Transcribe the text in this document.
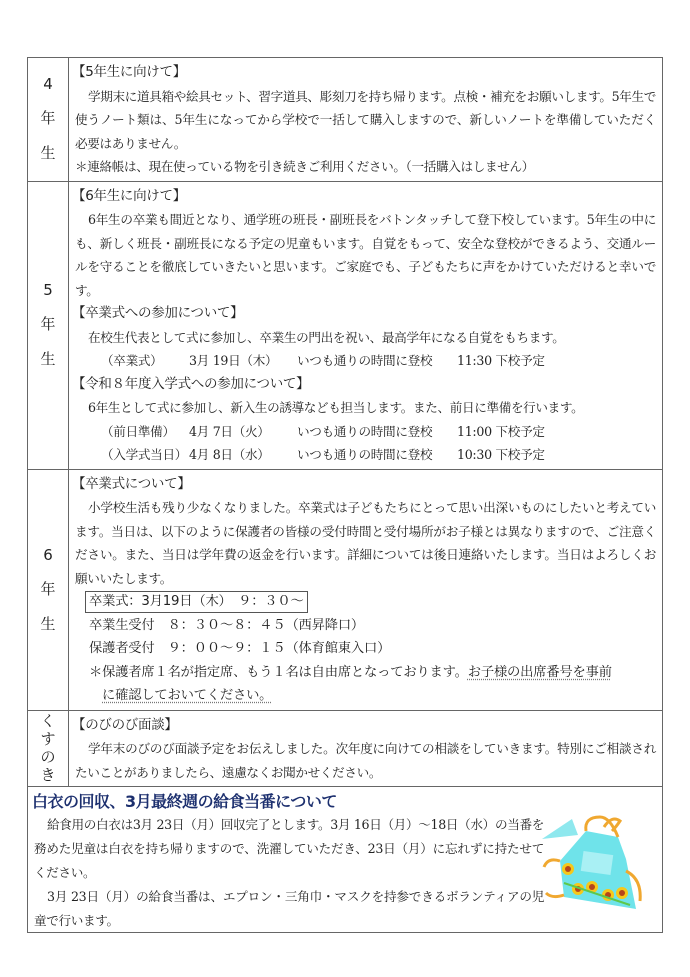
4
年
生

【5年生に向けて】
学期末に道具箱や絵具セット、習字道具、彫刻刀を持ち帰ります。点検・補充をお願いします。5年生で使うノート類は、5年生になってから学校で一括して購入しますので、新しいノートを準備していただく必要はありません。
＊連絡帳は、現在使っている物を引き続きご利用ください。（一括購入はしません）

5
年
生

【6年生に向けて】
6年生の卒業も間近となり、通学班の班長・副班長をバトンタッチして登下校しています。5年生の中にも、新しく班長・副班長になる予定の児童もいます。自覚をもって、安全な登校ができるよう、交通ルールを守ることを徹底していきたいと思います。ご家庭でも、子どもたちに声をかけていただけると幸いです。
【卒業式への参加について】
在校生代表として式に参加し、卒業生の門出を祝い、最高学年になる自覚をもちます。
（卒業式） 3月 19日（木） いつも通りの時間に登校 11:30 下校予定
【令和８年度入学式への参加について】
6年生として式に参加し、新入生の誘導なども担当します。また、前日に準備を行います。
（前日準備） 4月 7日（火） いつも通りの時間に登校 11:00 下校予定
（入学式当日） 4月 8日（水） いつも通りの時間に登校 10:30 下校予定

6
年
生

【卒業式について】
小学校生活も残り少なくなりました。卒業式は子どもたちにとって思い出深いものにしたいと考えています。当日は、以下のように保護者の皆様の受付時間と受付場所がお子様とは異なりますので、ご注意ください。また、当日は学年費の返金を行います。詳細については後日連絡いたします。当日はよろしくお願いいたします。
卒業式：3月19日（木）　９：３０～
卒業生受付　８：３０～８：４５（西昇降口）
保護者受付　９：００～９：１５（体育館東入口）
＊保護者席１名が指定席、もう１名は自由席となっております。お子様の出席番号を事前
に確認しておいてください。

く
す
の
き

【のびのび面談】
学年末のびのび面談予定をお伝えしました。次年度に向けての相談をしていきます。特別にご相談されたいことがありましたら、遠慮なくお聞かせください。
白衣の回収、3月最終週の給食当番について
給食用の白衣は3月 23日（月）回収完了とします。3月 16日（月）～18日（水）の当番を務めた児童は白衣を持ち帰りますので、洗濯していただき、23日（月）に忘れずに持たせてください。
3月 23日（月）の給食当番は、エプロン・三角巾・マスクを持参できるボランティアの児童で行います。
